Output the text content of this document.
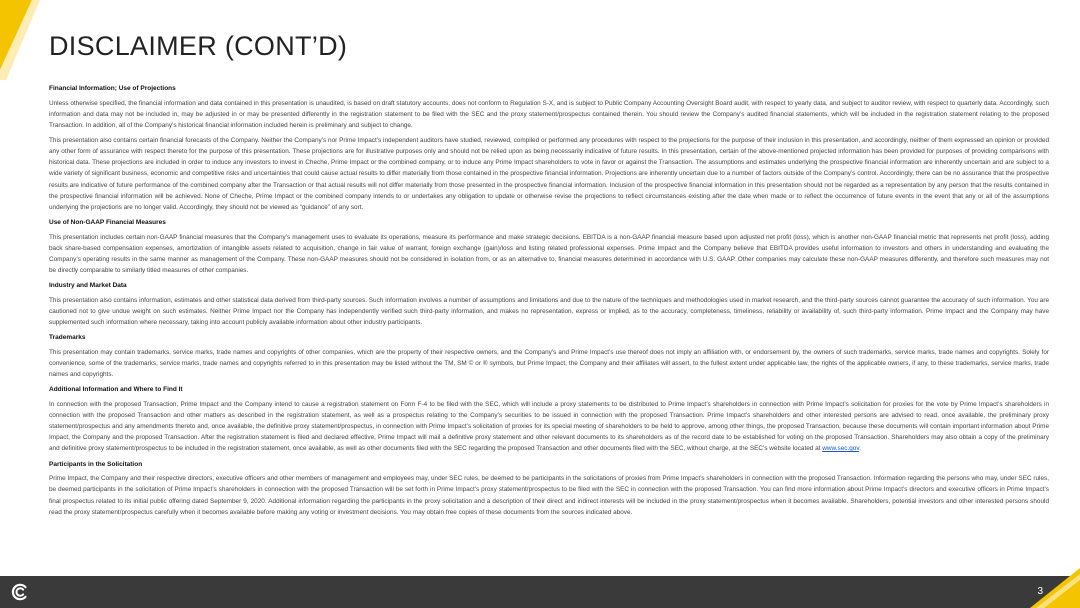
DISCLAIMER (CONT’D)
Financial Information; Use of Projections

Unless otherwise specified, the financial information and data contained in this presentation is unaudited, is based on draft statutory accounts, does not conform to Regulation S-X, and is subject to Public Company Accounting Oversight Board audit, with respect to yearly data, and subject to auditor review, with respect to quarterly data. Accordingly, such information and data may not be included in, may be adjusted in or may be presented differently in the registration statement to be filed with the SEC and the proxy statement/prospectus contained therein. You should review the Company’s audited financial statements, which will be included in the registration statement relating to the proposed Transaction. In addition, all of the Company’s historical financial information included herein is preliminary and subject to change.

This presentation also contains certain financial forecasts of the Company. Neither the Company’s nor Prime Impact’s independent auditors have studied, reviewed, compiled or performed any procedures with respect to the projections for the purpose of their inclusion in this presentation, and accordingly, neither of them expressed an opinion or provided any other form of assurance with respect thereto for the purpose of this presentation. These projections are for illustrative purposes only and should not be relied upon as being necessarily indicative of future results. In this presentation, certain of the above-mentioned projected information has been provided for purposes of providing comparisons with historical data. These projections are included in order to induce any investors to invest in Cheche, Prime Impact or the combined company, or to induce any Prime Impact shareholders to vote in favor or against the Transaction. The assumptions and estimates underlying the prospective financial information are inherently uncertain and are subject to a wide variety of significant business, economic and competitive risks and uncertainties that could cause actual results to differ materially from those contained in the prospective financial information. Projections are inherently uncertain due to a number of factors outside of the Company’s control. Accordingly, there can be no assurance that the prospective results are indicative of future performance of the combined company after the Transaction or that actual results will not differ materially from those presented in the prospective financial information. Inclusion of the prospective financial information in this presentation should not be regarded as a representation by any person that the results contained in the prospective financial information will be achieved. None of Cheche, Prime Impact or the combined company intends to or undertakes any obligation to update or otherwise revise the projections to reflect circumstances existing after the date when made or to reflect the occurrence of future events in the event that any or all of the assumptions underlying the projections are no longer valid. Accordingly, they should not be viewed as “guidance” of any sort.

Use of Non-GAAP Financial Measures

This presentation includes certain non-GAAP financial measures that the Company’s management uses to evaluate its operations, measure its performance and make strategic decisions. EBITDA is a non-GAAP financial measure based upon adjusted net profit (loss), which is another non-GAAP financial metric that represents net profit (loss), adding back share-based compensation expenses, amortization of intangible assets related to acquisition, change in fair value of warrant, foreign exchange (gain)/loss and listing related professional expenses. Prime Impact and the Company believe that EBITDA provides useful information to investors and others in understanding and evaluating the Company’s operating results in the same manner as management of the Company. These non-GAAP measures should not be considered in isolation from, or as an alternative to, financial measures determined in accordance with U.S. GAAP. Other companies may calculate these non-GAAP measures differently, and therefore such measures may not be directly comparable to similarly titled measures of other companies.

Industry and Market Data

This presentation also contains information, estimates and other statistical data derived from third-party sources. Such information involves a number of assumptions and limitations and due to the nature of the techniques and methodologies used in market research, and the third-party sources cannot guarantee the accuracy of such information. You are cautioned not to give undue weight on such estimates. Neither Prime Impact nor the Company has independently verified such third-party information, and makes no representation, express or implied, as to the accuracy, completeness, timeliness, reliability or availability of, such third-party information. Prime Impact and the Company may have supplemented such information where necessary, taking into account publicly available information about other industry participants.

Trademarks

This presentation may contain trademarks, service marks, trade names and copyrights of other companies, which are the property of their respective owners, and the Company’s and Prime Impact’s use thereof does not imply an affiliation with, or endorsement by, the owners of such trademarks, service marks, trade names and copyrights. Solely for convenience, some of the trademarks, service marks, trade names and copyrights referred to in this presentation may be listed without the TM, SM © or ® symbols, but Prime Impact, the Company and their affiliates will assert, to the fullest extent under applicable law, the rights of the applicable owners, if any, to these trademarks, service marks, trade names and copyrights.

Additional Information and Where to Find It

In connection with the proposed Transaction, Prime Impact and the Company intend to cause a registration statement on Form F-4 to be filed with the SEC, which will include a proxy statements to be distributed to Prime Impact’s shareholders in connection with Prime Impact’s solicitation for proxies for the vote by Prime Impact’s shareholders in connection with the proposed Transaction and other matters as described in the registration statement, as well as a prospectus relating to the Company’s securities to be issued in connection with the proposed Transaction. Prime Impact’s shareholders and other interested persons are advised to read, once available, the preliminary proxy statement/prospectus and any amendments thereto and, once available, the definitive proxy statement/prospectus, in connection with Prime Impact’s solicitation of proxies for its special meeting of shareholders to be held to approve, among other things, the proposed Transaction, because these documents will contain important information about Prime Impact, the Company and the proposed Transaction. After the registration statement is filed and declared effective, Prime Impact will mail a definitive proxy statement and other relevant documents to its shareholders as of the record date to be established for voting on the proposed Transaction. Shareholders may also obtain a copy of the preliminary and definitive proxy statement/prospectus to be included in the registration statement, once available, as well as other documents filed with the SEC regarding the proposed Transaction and other documents filed with the SEC, without charge, at the SEC’s website located at www.sec.gov.

Participants in the Solicitation

Prime Impact, the Company and their respective directors, executive officers and other members of management and employees may, under SEC rules, be deemed to be participants in the solicitations of proxies from Prime Impact’s shareholders in connection with the proposed Transaction. Information regarding the persons who may, under SEC rules, be deemed participants in the solicitation of Prime Impact’s shareholders in connection with the proposed Transaction will be set forth in Prime Impact’s proxy statement/prospectus to be filed with the SEC in connection with the proposed Transaction. You can find more information about Prime Impact’s directors and executive officers in Prime Impact’s final prospectus related to its initial public offering dated September 9, 2020. Additional information regarding the participants in the proxy solicitation and a description of their direct and indirect interests will be included in the proxy statement/prospectus when it becomes available. Shareholders, potential investors and other interested persons should read the proxy statement/prospectus carefully when it becomes available before making any voting or investment decisions. You may obtain free copies of these documents from the sources indicated above.

3
